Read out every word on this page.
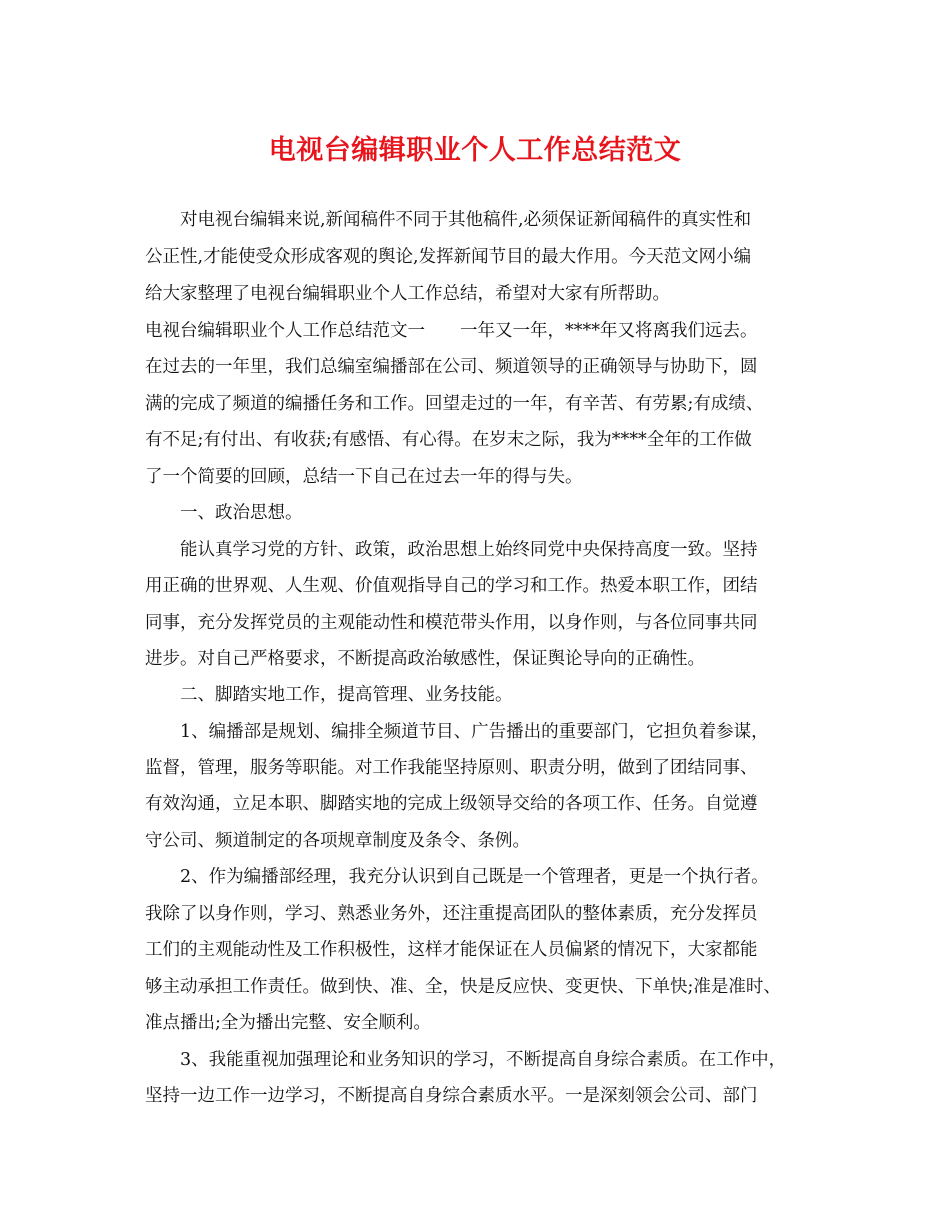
电视台编辑职业个人工作总结范文
对电视台编辑来说,新闻稿件不同于其他稿件,必须保证新闻稿件的真实性和
公正性,才能使受众形成客观的舆论,发挥新闻节目的最大作用。今天范文网小编
给大家整理了电视台编辑职业个人工作总结，希望对大家有所帮助。
电视台编辑职业个人工作总结范文一　　一年又一年，****年又将离我们远去。
在过去的一年里，我们总编室编播部在公司、频道领导的正确领导与协助下，圆
满的完成了频道的编播任务和工作。回望走过的一年，有辛苦、有劳累;有成绩、
有不足;有付出、有收获;有感悟、有心得。在岁末之际，我为****全年的工作做
了一个简要的回顾，总结一下自己在过去一年的得与失。
一、政治思想。
能认真学习党的方针、政策，政治思想上始终同党中央保持高度一致。坚持
用正确的世界观、人生观、价值观指导自己的学习和工作。热爱本职工作，团结
同事，充分发挥党员的主观能动性和模范带头作用，以身作则，与各位同事共同
进步。对自己严格要求，不断提高政治敏感性，保证舆论导向的正确性。
二、脚踏实地工作，提高管理、业务技能。
1、编播部是规划、编排全频道节目、广告播出的重要部门，它担负着参谋，
监督，管理，服务等职能。对工作我能坚持原则、职责分明，做到了团结同事、
有效沟通，立足本职、脚踏实地的完成上级领导交给的各项工作、任务。自觉遵
守公司、频道制定的各项规章制度及条令、条例。
2、作为编播部经理，我充分认识到自己既是一个管理者，更是一个执行者。
我除了以身作则，学习、熟悉业务外，还注重提高团队的整体素质，充分发挥员
工们的主观能动性及工作积极性，这样才能保证在人员偏紧的情况下，大家都能
够主动承担工作责任。做到快、准、全，快是反应快、变更快、下单快;准是准时、
准点播出;全为播出完整、安全顺利。
3、我能重视加强理论和业务知识的学习，不断提高自身综合素质。在工作中，
坚持一边工作一边学习，不断提高自身综合素质水平。一是深刻领会公司、部门
